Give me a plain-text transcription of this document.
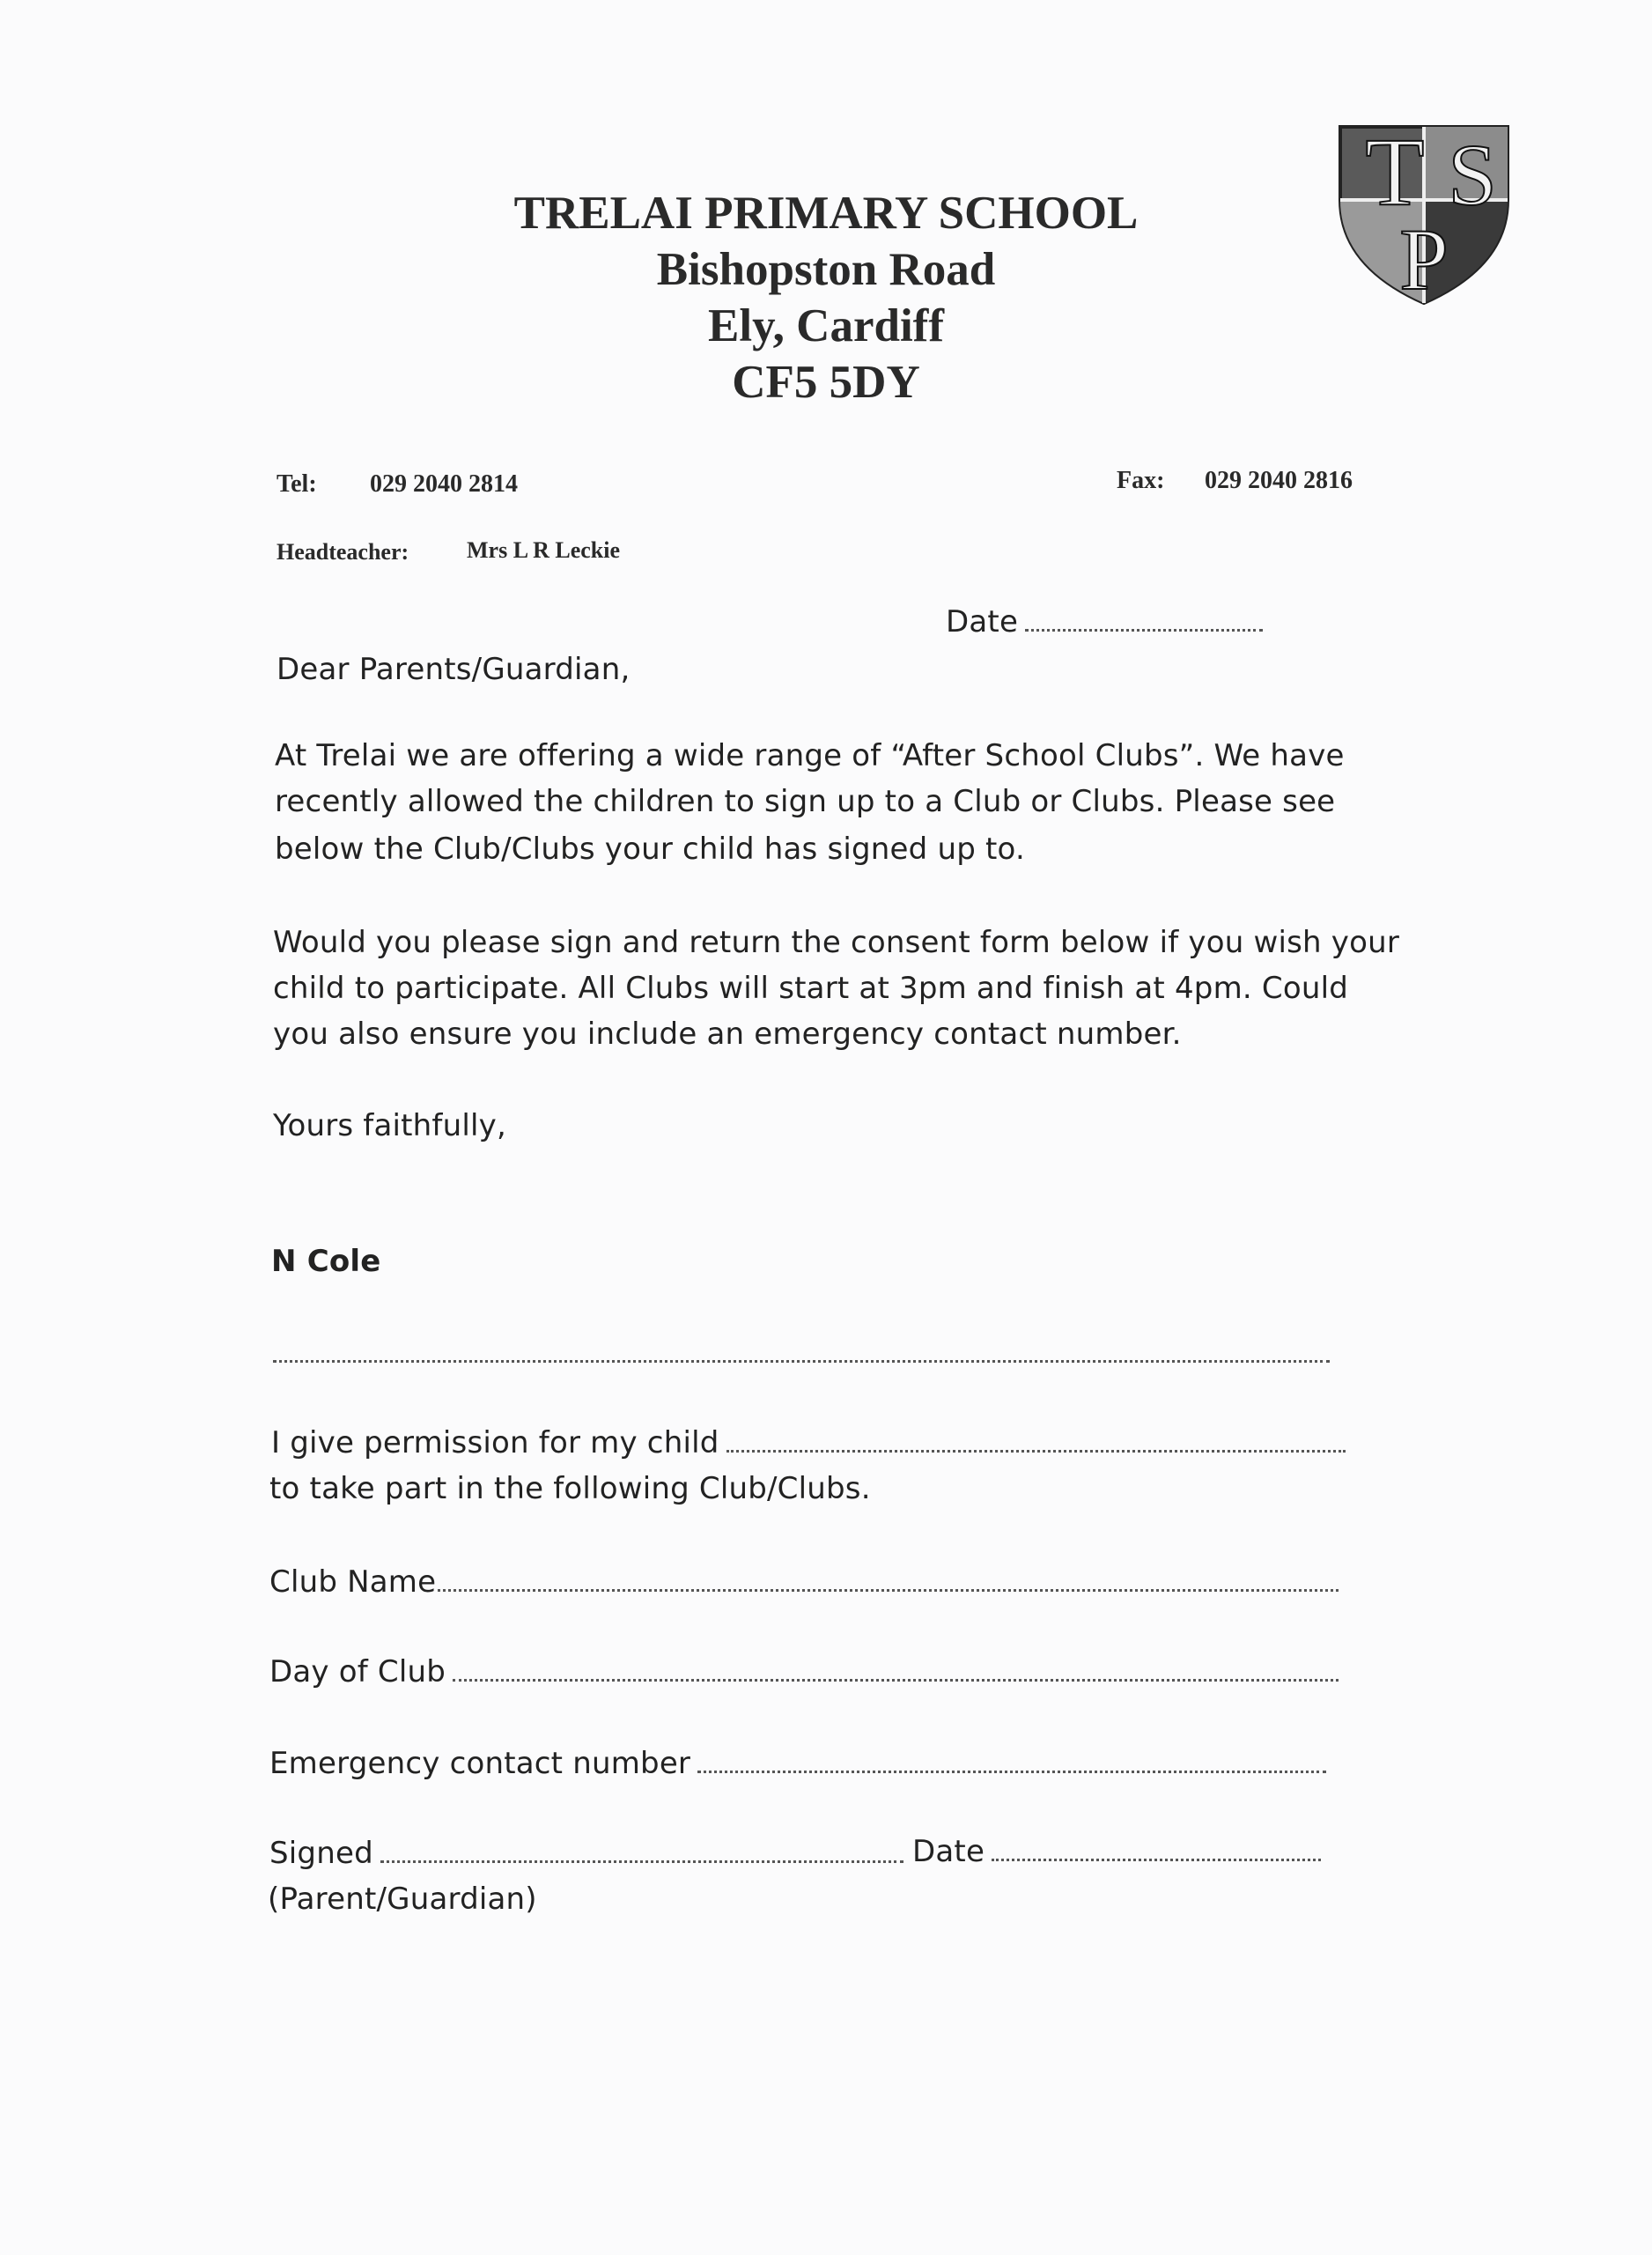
T S
P
TRELAI PRIMARY SCHOOL
Bishopston Road
Ely, Cardiff
CF5 5DY
Tel: 029 2040 2814	Fax: 029 2040 2816
Headteacher:	Mrs L R Leckie
Date
Dear Parents/Guardian,
At Trelai we are offering a wide range of “After School Clubs”. We have
recently allowed the children to sign up to a Club or Clubs. Please see
below the Club/Clubs your child has signed up to.
Would you please sign and return the consent form below if you wish your
child to participate. All Clubs will start at 3pm and finish at 4pm. Could
you also ensure you include an emergency contact number.
Yours faithfully,
N Cole
I give permission for my child
to take part in the following Club/Clubs.
Club Name
Day of Club
Emergency contact number
Signed	Date
(Parent/Guardian)
